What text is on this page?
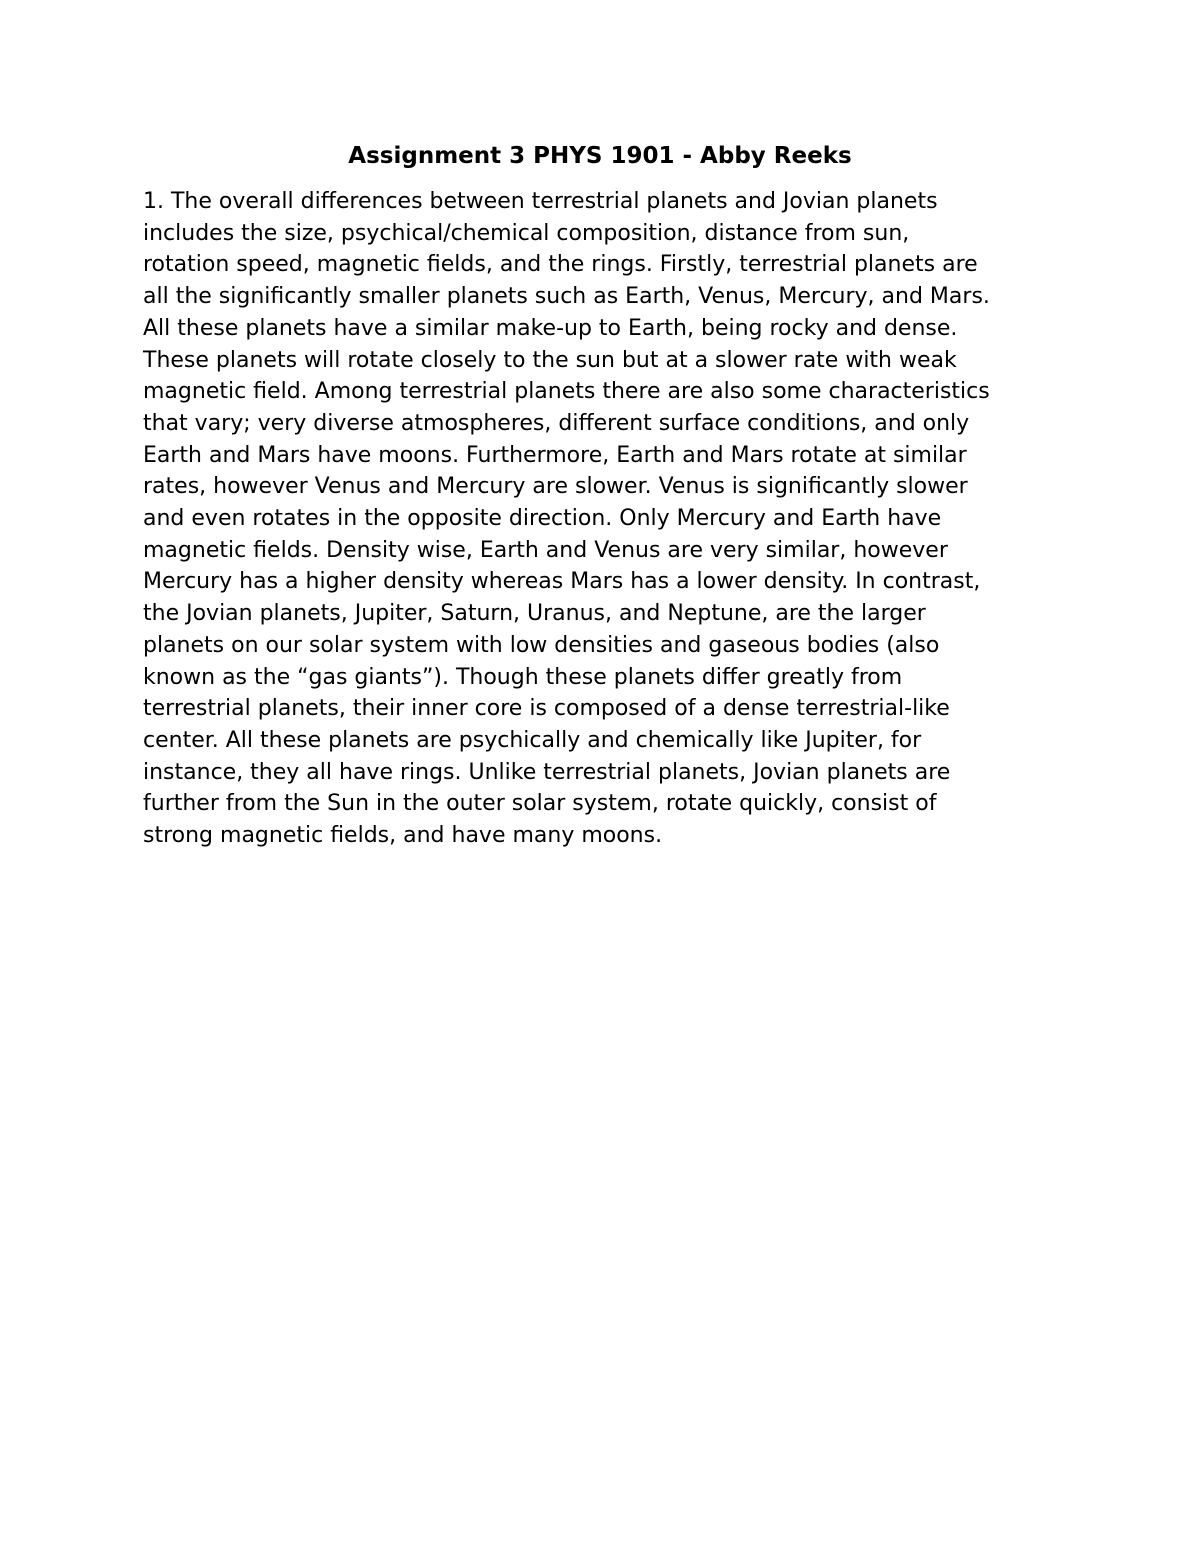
Assignment 3 PHYS 1901 - Abby Reeks
1. The overall differences between terrestrial planets and Jovian planets
includes the size, psychical/chemical composition, distance from sun,
rotation speed, magnetic fields, and the rings. Firstly, terrestrial planets are
all the significantly smaller planets such as Earth, Venus, Mercury, and Mars.
All these planets have a similar make-up to Earth, being rocky and dense.
These planets will rotate closely to the sun but at a slower rate with weak
magnetic field. Among terrestrial planets there are also some characteristics
that vary; very diverse atmospheres, different surface conditions, and only
Earth and Mars have moons. Furthermore, Earth and Mars rotate at similar
rates, however Venus and Mercury are slower. Venus is significantly slower
and even rotates in the opposite direction. Only Mercury and Earth have
magnetic fields. Density wise, Earth and Venus are very similar, however
Mercury has a higher density whereas Mars has a lower density. In contrast,
the Jovian planets, Jupiter, Saturn, Uranus, and Neptune, are the larger
planets on our solar system with low densities and gaseous bodies (also
known as the “gas giants”). Though these planets differ greatly from
terrestrial planets, their inner core is composed of a dense terrestrial-like
center. All these planets are psychically and chemically like Jupiter, for
instance, they all have rings. Unlike terrestrial planets, Jovian planets are
further from the Sun in the outer solar system, rotate quickly, consist of
strong magnetic fields, and have many moons.
